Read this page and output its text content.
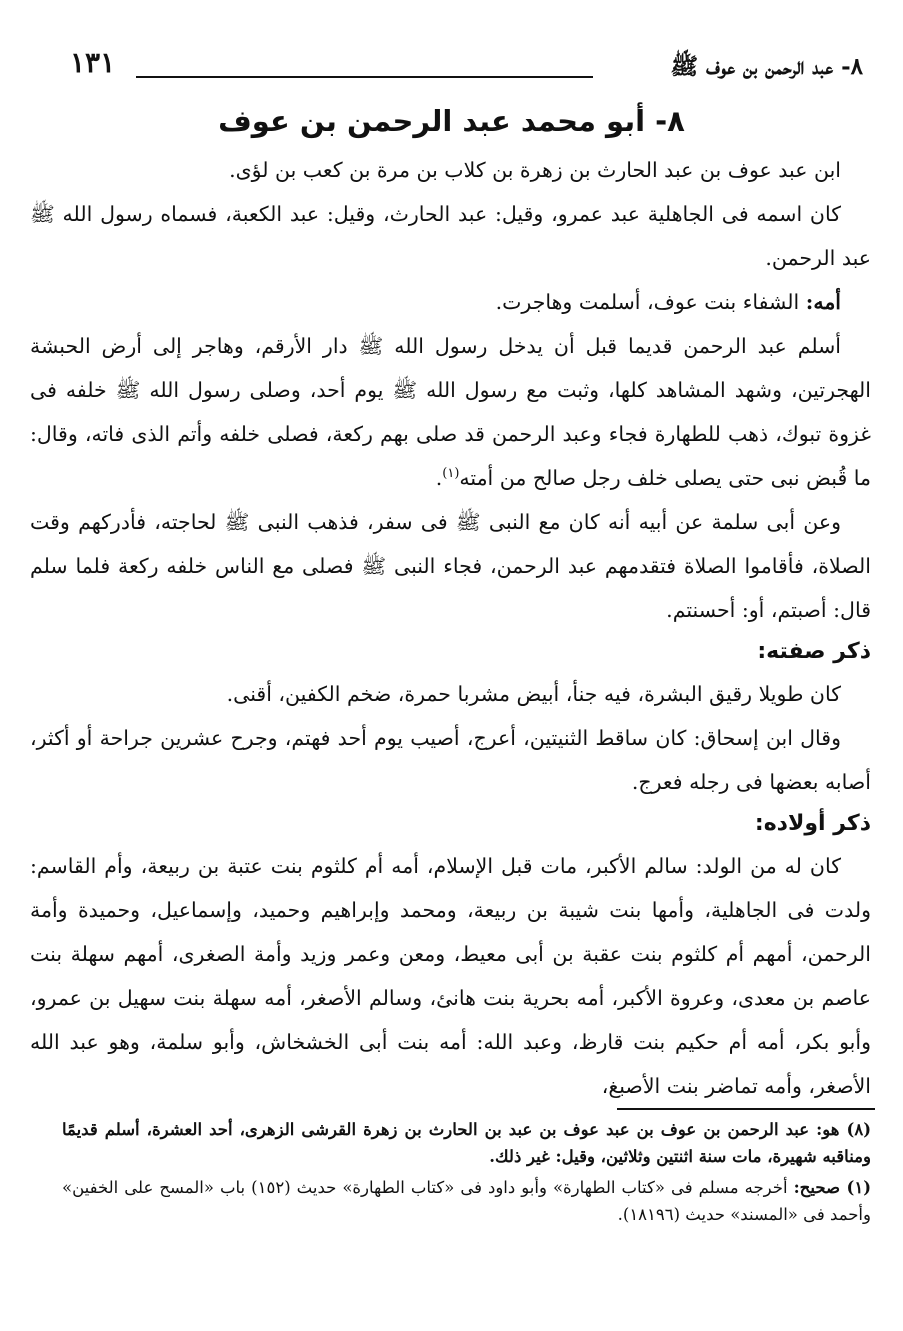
٨- عبد الرحمن بن عوف ﷺ
١٣١
٨- أبو محمد عبد الرحمن بن عوف

ابن عبد عوف بن عبد الحارث بن زهرة بن كلاب بن مرة بن كعب بن لؤى.

كان اسمه فى الجاهلية عبد عمرو، وقيل: عبد الحارث، وقيل: عبد الكعبة، فسماه رسول الله ﷺ عبد الرحمن.

أمه: الشفاء بنت عوف، أسلمت وهاجرت.

أسلم عبد الرحمن قديما قبل أن يدخل رسول الله ﷺ دار الأرقم، وهاجر إلى أرض الحبشة الهجرتين، وشهد المشاهد كلها، وثبت مع رسول الله ﷺ يوم أحد، وصلى رسول الله ﷺ خلفه فى غزوة تبوك، ذهب للطهارة فجاء وعبد الرحمن قد صلى بهم ركعة، فصلى خلفه وأتم الذى فاته، وقال: ما قُبض نبى حتى يصلى خلف رجل صالح من أمته$^{(١)}$.

وعن أبى سلمة عن أبيه أنه كان مع النبى ﷺ فى سفر، فذهب النبى ﷺ لحاجته، فأدركهم وقت الصلاة، فأقاموا الصلاة فتقدمهم عبد الرحمن، فجاء النبى ﷺ فصلى مع الناس خلفه ركعة فلما سلم قال: أصبتم، أو: أحسنتم.

ذكر صفته:

كان طويلا رقيق البشرة، فيه جنأ، أبيض مشربا حمرة، ضخم الكفين، أقنى.

وقال ابن إسحاق: كان ساقط الثنيتين، أعرج، أصيب يوم أحد فهتم، وجرح عشرين جراحة أو أكثر، أصابه بعضها فى رجله فعرج.

ذكر أولاده:

كان له من الولد: سالم الأكبر، مات قبل الإسلام، أمه أم كلثوم بنت عتبة بن ربيعة، وأم القاسم: ولدت فى الجاهلية، وأمها بنت شيبة بن ربيعة، ومحمد وإبراهيم وحميد، وإسماعيل، وحميدة وأمة الرحمن، أمهم أم كلثوم بنت عقبة بن أبى معيط، ومعن وعمر وزيد وأمة الصغرى، أمهم سهلة بنت عاصم بن معدى، وعروة الأكبر، أمه بحرية بنت هانئ، وسالم الأصغر، أمه سهلة بنت سهيل بن عمرو، وأبو بكر، أمه أم حكيم بنت قارظ، وعبد الله: أمه بنت أبى الخشخاش، وأبو سلمة، وهو عبد الله الأصغر، وأمه تماضر بنت الأصبغ،

(٨) هو: عبد الرحمن بن عوف بن عبد عوف بن عبد بن الحارث بن زهرة القرشى الزهرى، أحد العشرة، أسلم قديمًا ومناقبه شهيرة، مات سنة اثنتين وثلاثين، وقيل: غير ذلك.

(١) صحيح: أخرجه مسلم فى «كتاب الطهارة» وأبو داود فى «كتاب الطهارة» حديث (١٥٢) باب «المسح على الخفين» وأحمد فى «المسند» حديث (١٨١٩٦).
